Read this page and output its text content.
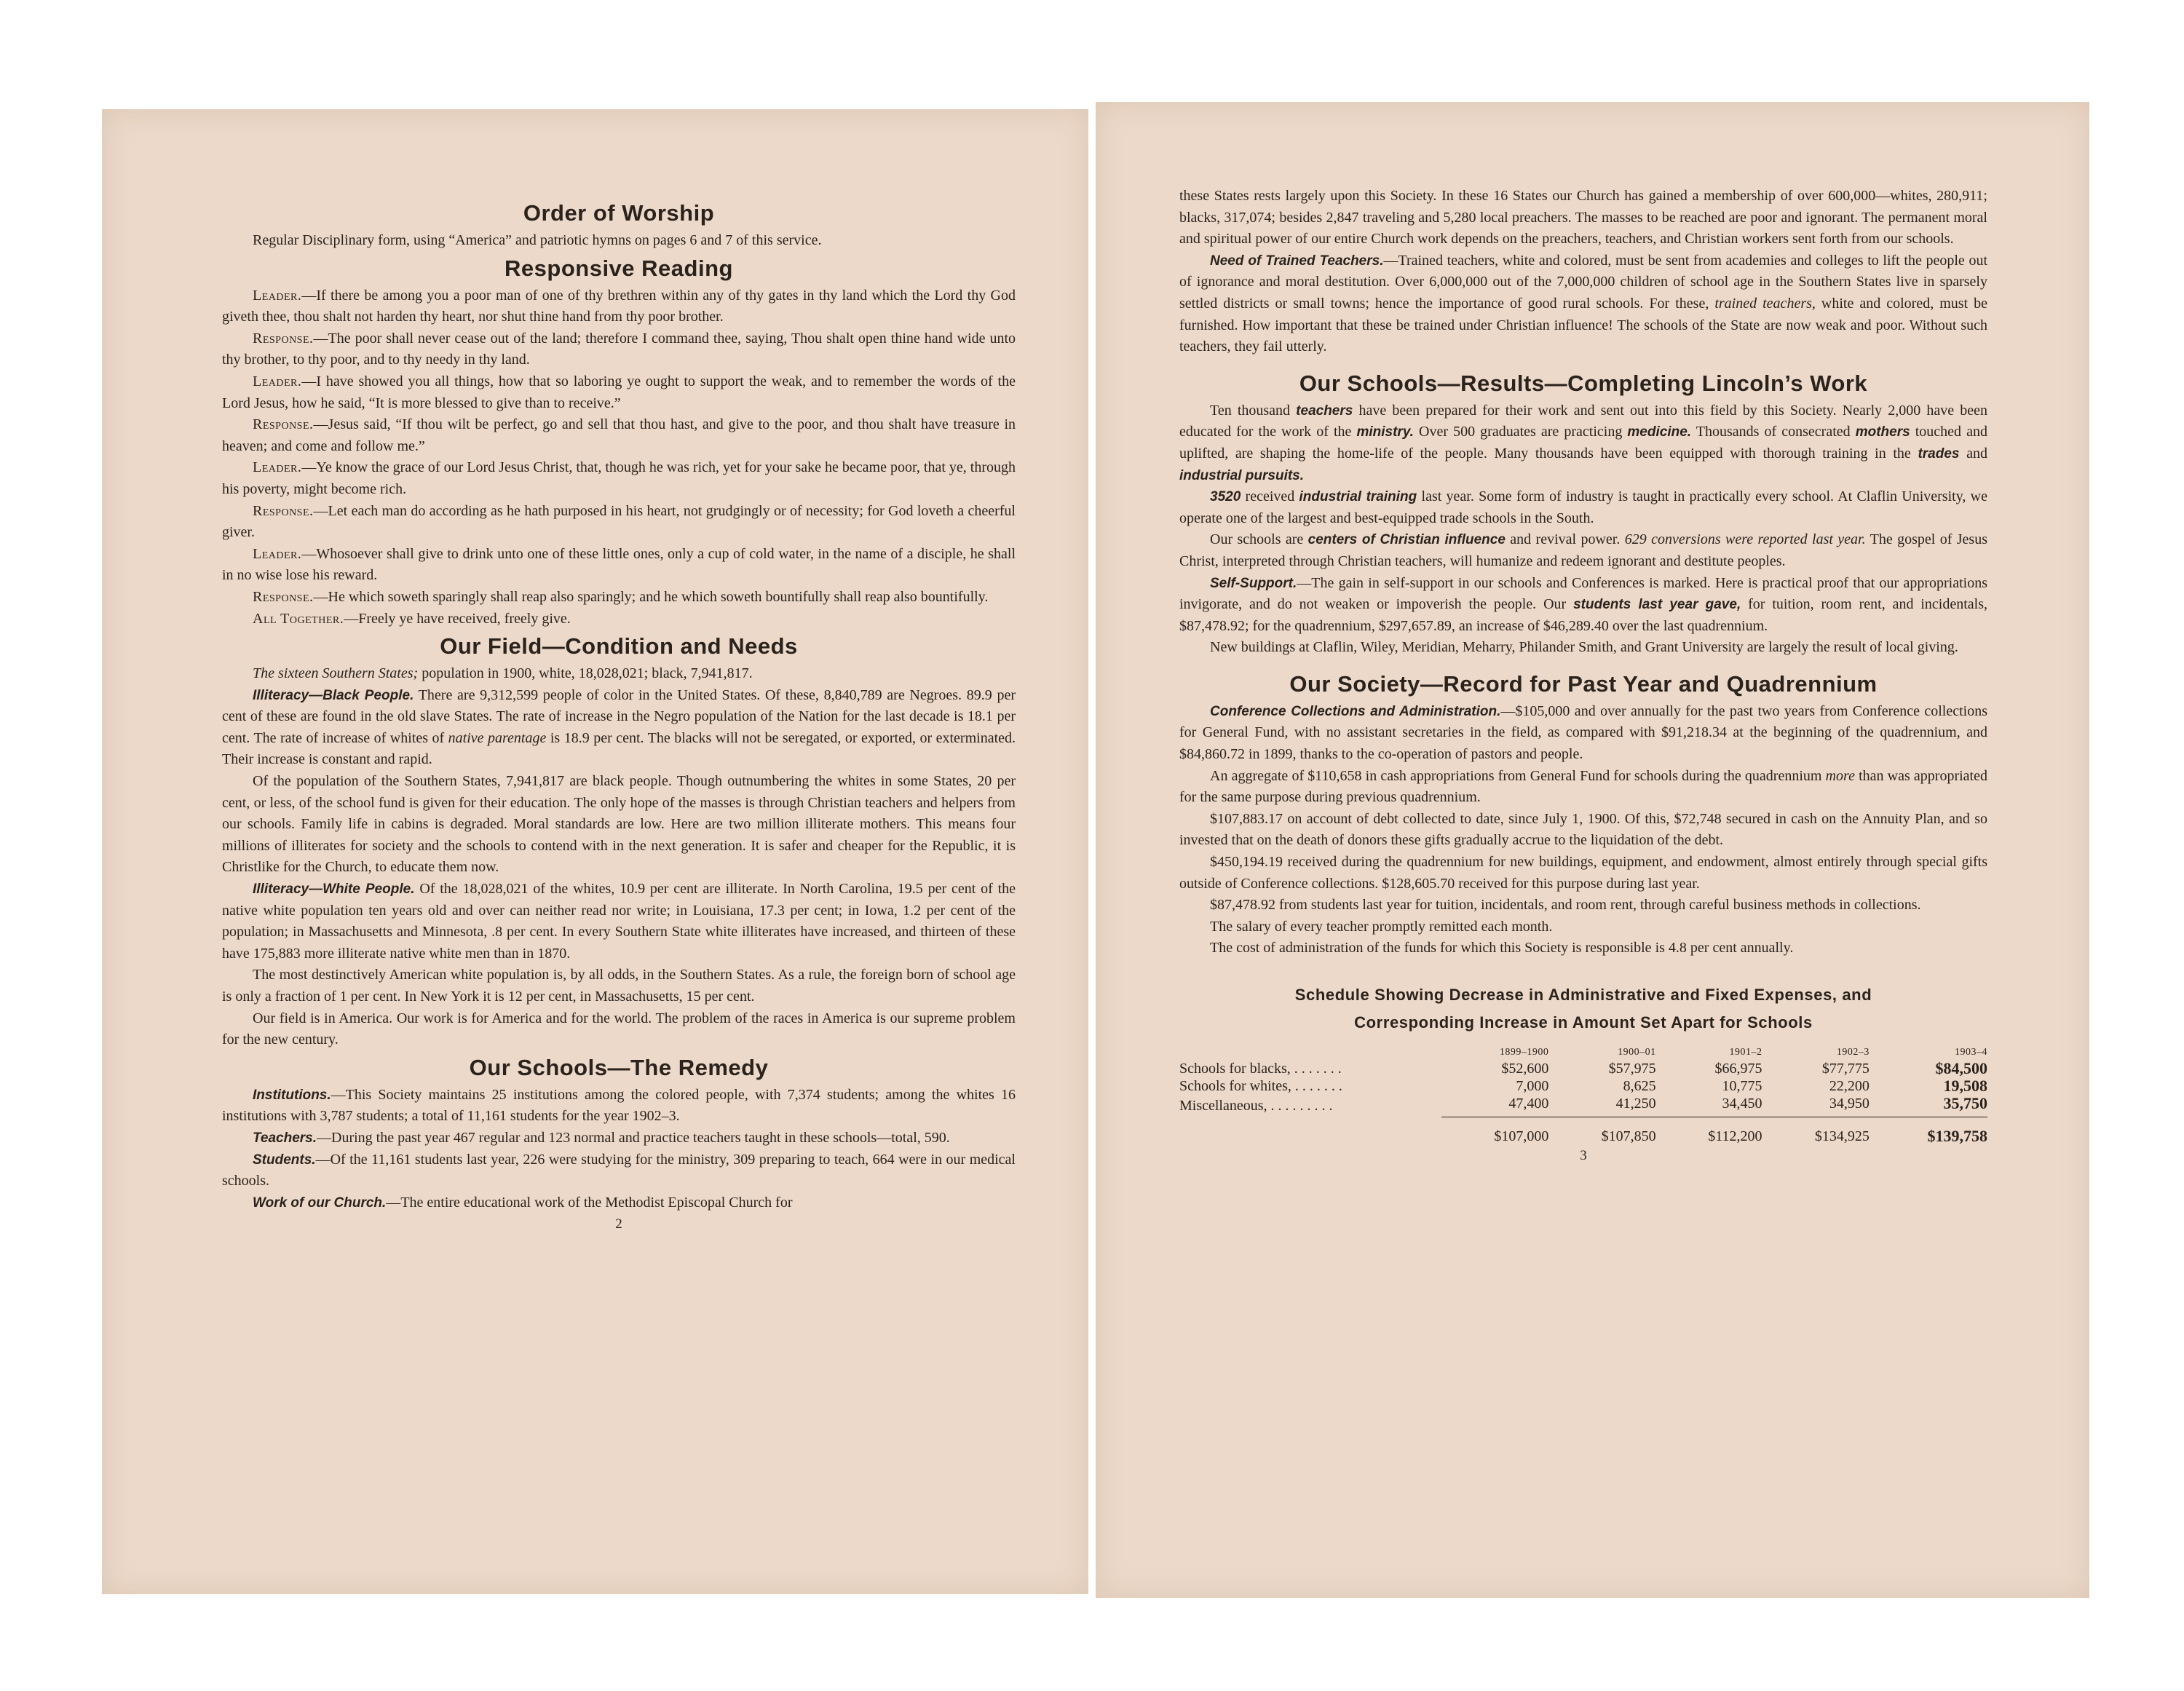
Order of Worship

Regular Disciplinary form, using “America” and patriotic hymns on pages 6 and 7 of this service.

Responsive Reading

Leader.—If there be among you a poor man of one of thy brethren within any of thy gates in thy land which the Lord thy God giveth thee, thou shalt not harden thy heart, nor shut thine hand from thy poor brother.

Response.—The poor shall never cease out of the land; therefore I command thee, saying, Thou shalt open thine hand wide unto thy brother, to thy poor, and to thy needy in thy land.

Leader.—I have showed you all things, how that so laboring ye ought to support the weak, and to remember the words of the Lord Jesus, how he said, “It is more blessed to give than to receive.”

Response.—Jesus said, “If thou wilt be perfect, go and sell that thou hast, and give to the poor, and thou shalt have treasure in heaven; and come and follow me.”

Leader.—Ye know the grace of our Lord Jesus Christ, that, though he was rich, yet for your sake he became poor, that ye, through his poverty, might become rich.

Response.—Let each man do according as he hath purposed in his heart, not grudgingly or of necessity; for God loveth a cheerful giver.

Leader.—Whosoever shall give to drink unto one of these little ones, only a cup of cold water, in the name of a disciple, he shall in no wise lose his reward.

Response.—He which soweth sparingly shall reap also sparingly; and he which soweth bountifully shall reap also bountifully.

All Together.—Freely ye have received, freely give.

Our Field—Condition and Needs

The sixteen Southern States; population in 1900, white, 18,028,021; black, 7,941,817.

Illiteracy—Black People. There are 9,312,599 people of color in the United States. Of these, 8,840,789 are Negroes. 89.9 per cent of these are found in the old slave States. The rate of increase in the Negro population of the Nation for the last decade is 18.1 per cent. The rate of increase of whites of native parentage is 18.9 per cent. The blacks will not be seregated, or exported, or exterminated. Their increase is constant and rapid.

Of the population of the Southern States, 7,941,817 are black people. Though outnumbering the whites in some States, 20 per cent, or less, of the school fund is given for their education. The only hope of the masses is through Christian teachers and helpers from our schools. Family life in cabins is degraded. Moral standards are low. Here are two million illiterate mothers. This means four millions of illiterates for society and the schools to contend with in the next generation. It is safer and cheaper for the Republic, it is Christlike for the Church, to educate them now.

Illiteracy—White People. Of the 18,028,021 of the whites, 10.9 per cent are illiterate. In North Carolina, 19.5 per cent of the native white population ten years old and over can neither read nor write; in Louisiana, 17.3 per cent; in Iowa, 1.2 per cent of the population; in Massachusetts and Minnesota, .8 per cent. In every Southern State white illiterates have increased, and thirteen of these have 175,883 more illiterate native white men than in 1870.

The most destinctively American white population is, by all odds, in the Southern States. As a rule, the foreign born of school age is only a fraction of 1 per cent. In New York it is 12 per cent, in Massachusetts, 15 per cent.

Our field is in America. Our work is for America and for the world. The problem of the races in America is our supreme problem for the new century.

Our Schools—The Remedy

Institutions.—This Society maintains 25 institutions among the colored people, with 7,374 students; among the whites 16 institutions with 3,787 students; a total of 11,161 students for the year 1902–3.

Teachers.—During the past year 467 regular and 123 normal and practice teachers taught in these schools—total, 590.

Students.—Of the 11,161 students last year, 226 were studying for the ministry, 309 preparing to teach, 664 were in our medical schools.

Work of our Church.—The entire educational work of the Methodist Episcopal Church for

2

these States rests largely upon this Society. In these 16 States our Church has gained a membership of over 600,000—whites, 280,911; blacks, 317,074; besides 2,847 traveling and 5,280 local preachers. The masses to be reached are poor and ignorant. The permanent moral and spiritual power of our entire Church work depends on the preachers, teachers, and Christian workers sent forth from our schools.

Need of Trained Teachers.—Trained teachers, white and colored, must be sent from academies and colleges to lift the people out of ignorance and moral destitution. Over 6,000,000 out of the 7,000,000 children of school age in the Southern States live in sparsely settled districts or small towns; hence the importance of good rural schools. For these, trained teachers, white and colored, must be furnished. How important that these be trained under Christian influence! The schools of the State are now weak and poor. Without such teachers, they fail utterly.

Our Schools—Results—Completing Lincoln’s Work

Ten thousand teachers have been prepared for their work and sent out into this field by this Society. Nearly 2,000 have been educated for the work of the ministry. Over 500 graduates are practicing medicine. Thousands of consecrated mothers touched and uplifted, are shaping the home-life of the people. Many thousands have been equipped with thorough training in the trades and industrial pursuits.

3520 received industrial training last year. Some form of industry is taught in practically every school. At Claflin University, we operate one of the largest and best-equipped trade schools in the South.

Our schools are centers of Christian influence and revival power. 629 conversions were reported last year. The gospel of Jesus Christ, interpreted through Christian teachers, will humanize and redeem ignorant and destitute peoples.

Self-Support.—The gain in self-support in our schools and Conferences is marked. Here is practical proof that our appropriations invigorate, and do not weaken or impoverish the people. Our students last year gave, for tuition, room rent, and incidentals, $87,478.92; for the quadrennium, $297,657.89, an increase of $46,289.40 over the last quadrennium.

New buildings at Claflin, Wiley, Meridian, Meharry, Philander Smith, and Grant University are largely the result of local giving.

Our Society—Record for Past Year and Quadrennium

Conference Collections and Administration.—$105,000 and over annually for the past two years from Conference collections for General Fund, with no assistant secretaries in the field, as compared with $91,218.34 at the beginning of the quadrennium, and $84,860.72 in 1899, thanks to the co-operation of pastors and people.

An aggregate of $110,658 in cash appropriations from General Fund for schools during the quadrennium more than was appropriated for the same purpose during previous quadrennium.

$107,883.17 on account of debt collected to date, since July 1, 1900. Of this, $72,748 secured in cash on the Annuity Plan, and so invested that on the death of donors these gifts gradually accrue to the liquidation of the debt.

$450,194.19 received during the quadrennium for new buildings, equipment, and endowment, almost entirely through special gifts outside of Conference collections. $128,605.70 received for this purpose during last year.

$87,478.92 from students last year for tuition, incidentals, and room rent, through careful business methods in collections.

The salary of every teacher promptly remitted each month.

The cost of administration of the funds for which this Society is responsible is 4.8 per cent annually.

Schedule Showing Decrease in Administrative and Fixed Expenses, and
Corresponding Increase in Amount Set Apart for Schools
	1899–1900	1900–01	1901–2	1902–3	1903–4
Schools for blacks, . . . . . . .	$52,600	$57,975	$66,975	$77,775	$84,500
Schools for whites, . . . . . . .	7,000	8,625	10,775	22,200	19,508
Miscellaneous, . . . . . . . . .	47,400	41,250	34,450	34,950	35,750
	$107,000	$107,850	$112,200	$134,925	$139,758
3
